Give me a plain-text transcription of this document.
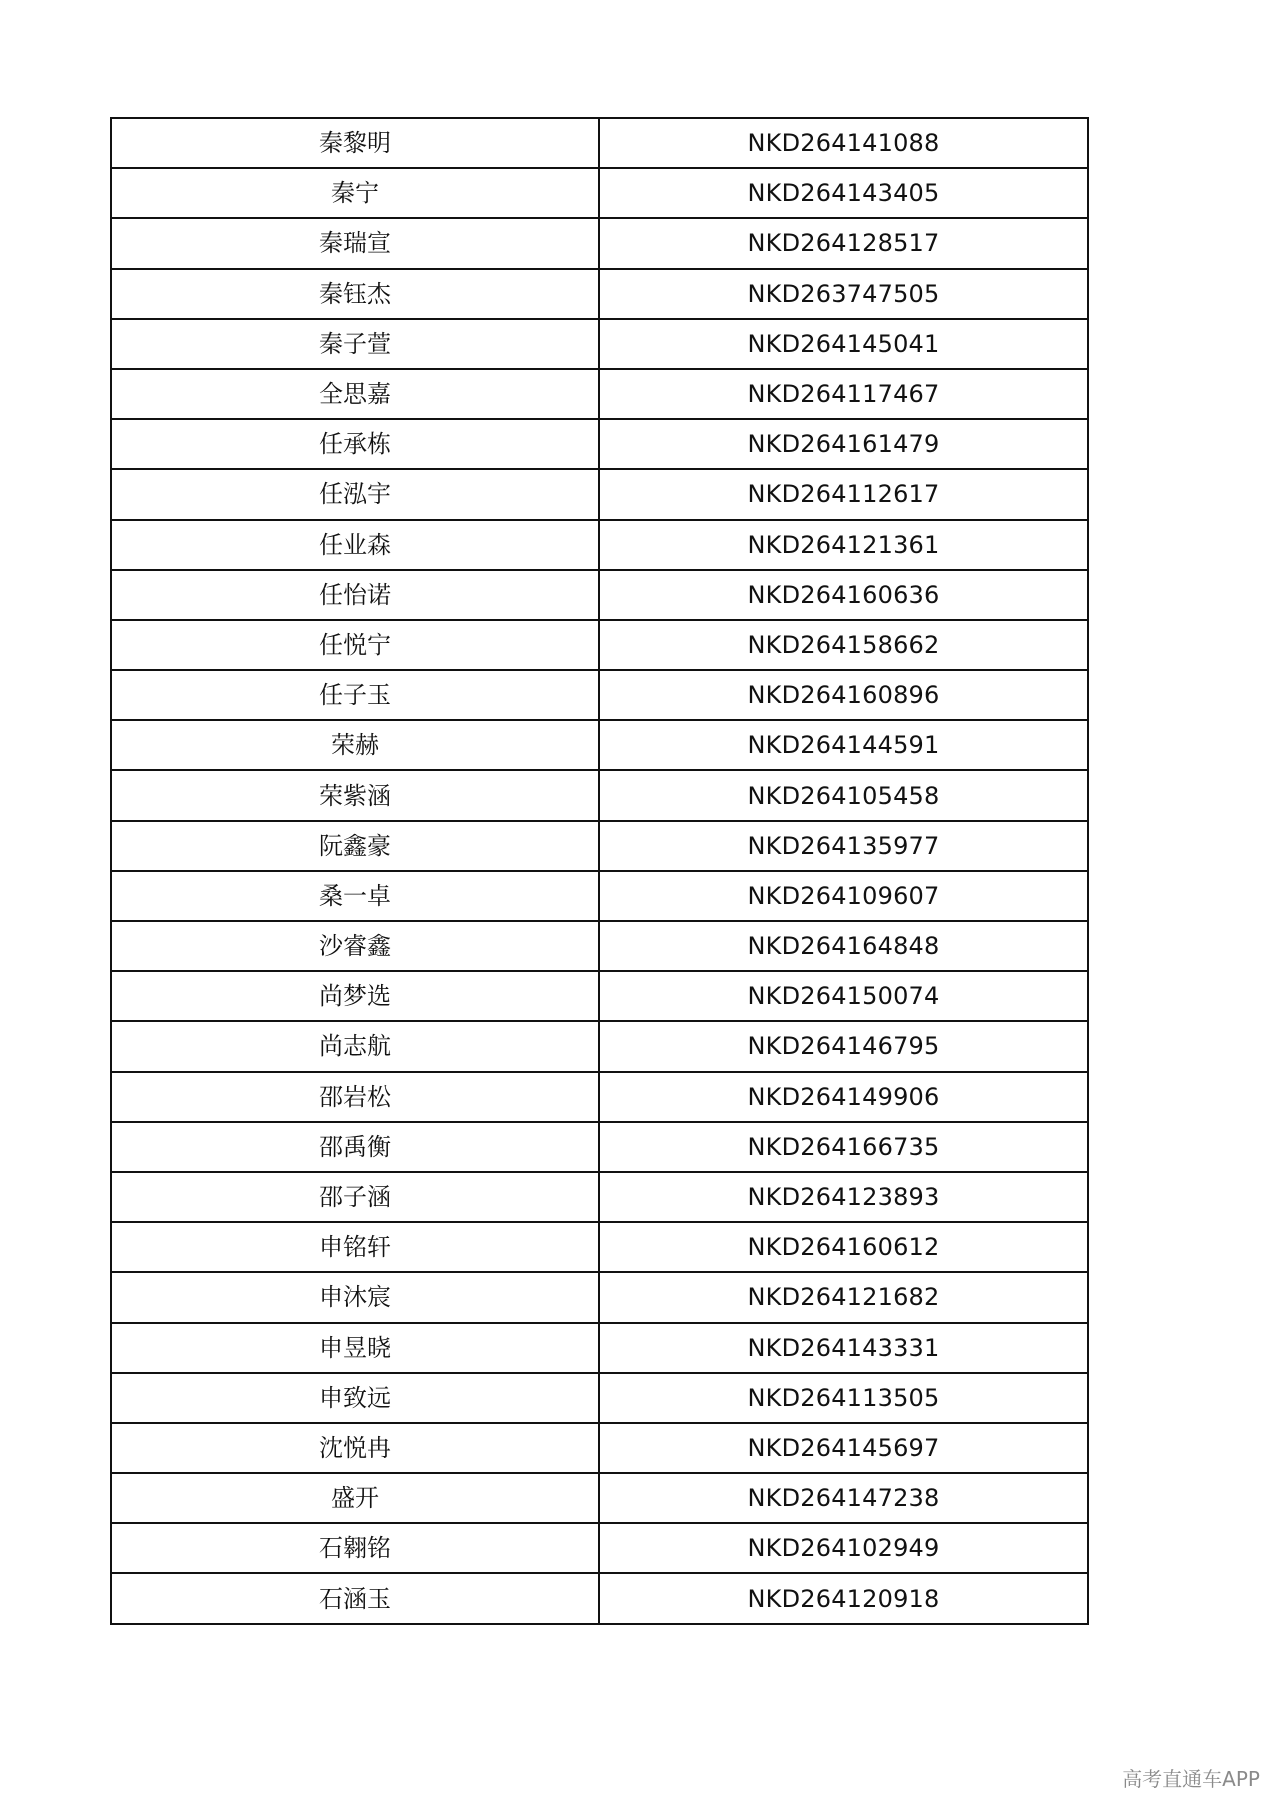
秦黎明	NKD264141088
秦宁	NKD264143405
秦瑞宣	NKD264128517
秦钰杰	NKD263747505
秦子萱	NKD264145041
全思嘉	NKD264117467
任承栋	NKD264161479
任泓宇	NKD264112617
任业森	NKD264121361
任怡诺	NKD264160636
任悦宁	NKD264158662
任子玉	NKD264160896
荣赫	NKD264144591
荣紫涵	NKD264105458
阮鑫豪	NKD264135977
桑一卓	NKD264109607
沙睿鑫	NKD264164848
尚梦选	NKD264150074
尚志航	NKD264146795
邵岩松	NKD264149906
邵禹衡	NKD264166735
邵子涵	NKD264123893
申铭轩	NKD264160612
申沐宸	NKD264121682
申昱晓	NKD264143331
申致远	NKD264113505
沈悦冉	NKD264145697
盛开	NKD264147238
石翱铭	NKD264102949
石涵玉	NKD264120918
高考直通车APP
